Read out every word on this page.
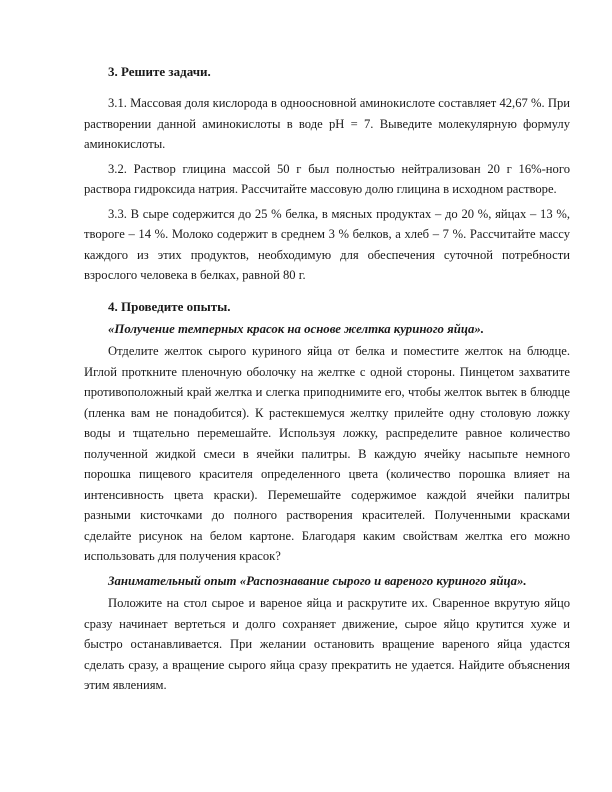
3. Решите задачи.

3.1. Массовая доля кислорода в одноосновной аминокислоте составляет 42,67 %. При растворении данной аминокислоты в воде pH = 7. Выведите молекулярную формулу аминокислоты.

3.2. Раствор глицина массой 50 г был полностью нейтрализован 20 г 16%-ного раствора гидроксида натрия. Рассчитайте массовую долю глицина в исходном растворе.

3.3. В сыре содержится до 25 % белка, в мясных продуктах – до 20 %, яйцах – 13 %, твороге – 14 %. Молоко содержит в среднем 3 % белков, а хлеб – 7 %. Рассчитайте массу каждого из этих продуктов, необходимую для обеспечения суточной потребности взрослого человека в белках, равной 80 г.

4. Проведите опыты.

«Получение темперных красок на основе желтка куриного яйца».

Отделите желток сырого куриного яйца от белка и поместите желток на блюдце. Иглой проткните пленочную оболочку на желтке с одной стороны. Пинцетом захватите противоположный край желтка и слегка приподнимите его, чтобы желток вытек в блюдце (пленка вам не понадобится). К растекшемуся желтку прилейте одну столовую ложку воды и тщательно перемешайте. Используя ложку, распределите равное количество полученной жидкой смеси в ячейки палитры. В каждую ячейку насыпьте немного порошка пищевого красителя определенного цвета (количество порошка влияет на интенсивность цвета краски). Перемешайте содержимое каждой ячейки палитры разными кисточками до полного растворения красителей. Полученными красками сделайте рисунок на белом картоне. Благодаря каким свойствам желтка его можно использовать для получения красок?

Занимательный опыт «Распознавание сырого и вареного куриного яйца».

Положите на стол сырое и вареное яйца и раскрутите их. Сваренное вкрутую яйцо сразу начинает вертеться и долго сохраняет движение, сырое яйцо крутится хуже и быстро останавливается. При желании остановить вращение вареного яйца удастся сделать сразу, а вращение сырого яйца сразу прекратить не удается. Найдите объяснения этим явлениям.
